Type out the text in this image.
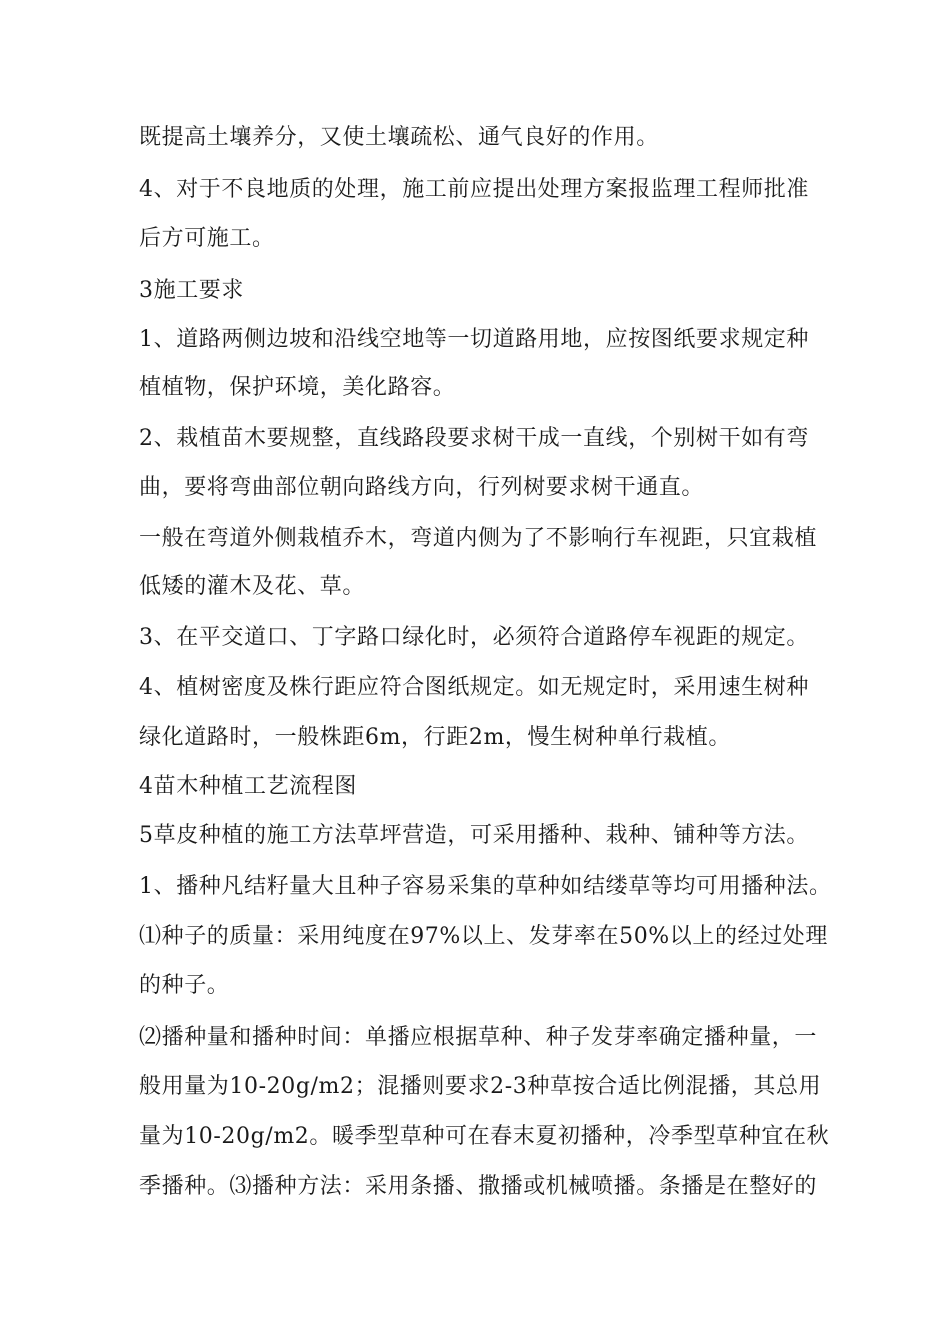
既提高土壤养分，又使土壤疏松、通气良好的作用。
4、对于不良地质的处理，施工前应提出处理方案报监理工程师批准
后方可施工。
3施工要求
1、道路两侧边坡和沿线空地等一切道路用地，应按图纸要求规定种
植植物，保护环境，美化路容。
2、栽植苗木要规整，直线路段要求树干成一直线，个别树干如有弯
曲，要将弯曲部位朝向路线方向，行列树要求树干通直。
一般在弯道外侧栽植乔木，弯道内侧为了不影响行车视距，只宜栽植
低矮的灌木及花、草。
3、在平交道口、丁字路口绿化时，必须符合道路停车视距的规定。
4、植树密度及株行距应符合图纸规定。如无规定时，采用速生树种
绿化道路时，一般株距6m，行距2m，慢生树种单行栽植。
4苗木种植工艺流程图
5草皮种植的施工方法草坪营造，可采用播种、栽种、铺种等方法。
1、播种凡结籽量大且种子容易采集的草种如结缕草等均可用播种法。
⑴种子的质量：采用纯度在97%以上、发芽率在50%以上的经过处理
的种子。
⑵播种量和播种时间：单播应根据草种、种子发芽率确定播种量，一
般用量为10-20g/m2；混播则要求2-3种草按合适比例混播，其总用
量为10-20g/m2。暖季型草种可在春末夏初播种，冷季型草种宜在秋
季播种。⑶播种方法：采用条播、撒播或机械喷播。条播是在整好的
